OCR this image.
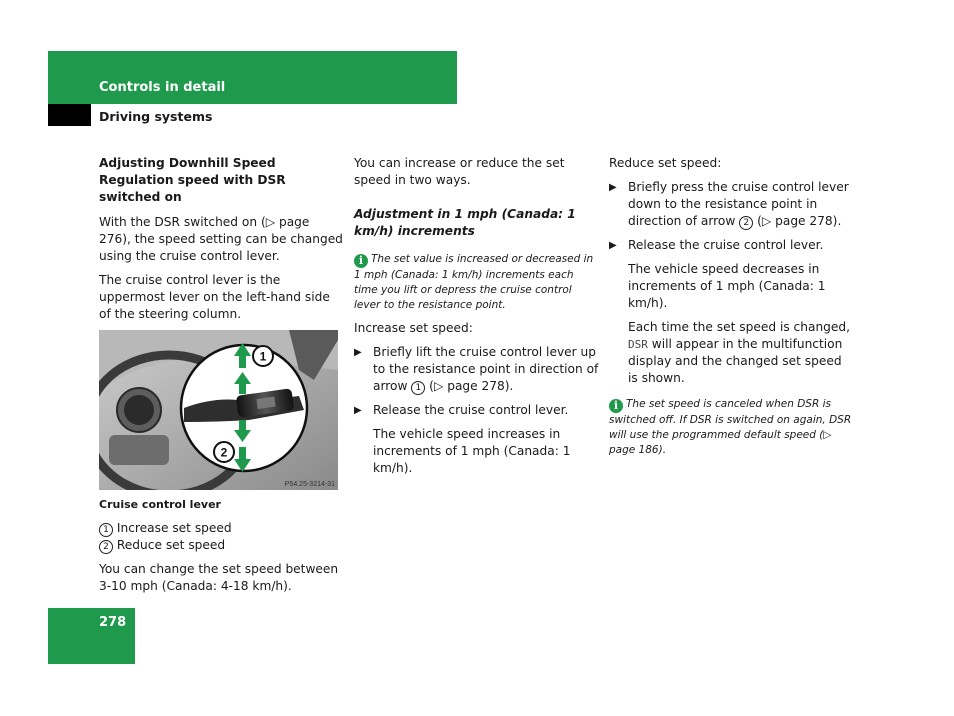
Controls in detail
Driving systems

Adjusting Downhill Speed Regulation speed with DSR switched on

With the DSR switched on (▷ page 276), the speed setting can be changed using the cruise control lever.

The cruise control lever is the uppermost lever on the left-hand side of the steering column.

1
2
P54.25-3214-31

Cruise control lever

1 Increase set speed

2 Reduce set speed

You can change the set speed between 3-10 mph (Canada: 4-18 km/h).

You can increase or reduce the set speed in two ways.

Adjustment in 1 mph (Canada: 1 km/h) increments

i The set value is increased or decreased in 1 mph (Canada: 1 km/h) increments each time you lift or depress the cruise control lever to the resistance point.

Increase set speed:

▶ Briefly lift the cruise control lever up to the resistance point in direction of arrow 1 (▷ page 278).

▶ Release the cruise control lever.

The vehicle speed increases in increments of 1 mph (Canada: 1 km/h).

Reduce set speed:

▶ Briefly press the cruise control lever down to the resistance point in direction of arrow 2 (▷ page 278).

▶ Release the cruise control lever.

The vehicle speed decreases in increments of 1 mph (Canada: 1 km/h).

Each time the set speed is changed, DSR will appear in the multifunction display and the changed set speed is shown.

i The set speed is canceled when DSR is switched off. If DSR is switched on again, DSR will use the programmed default speed (▷ page 186).

278
